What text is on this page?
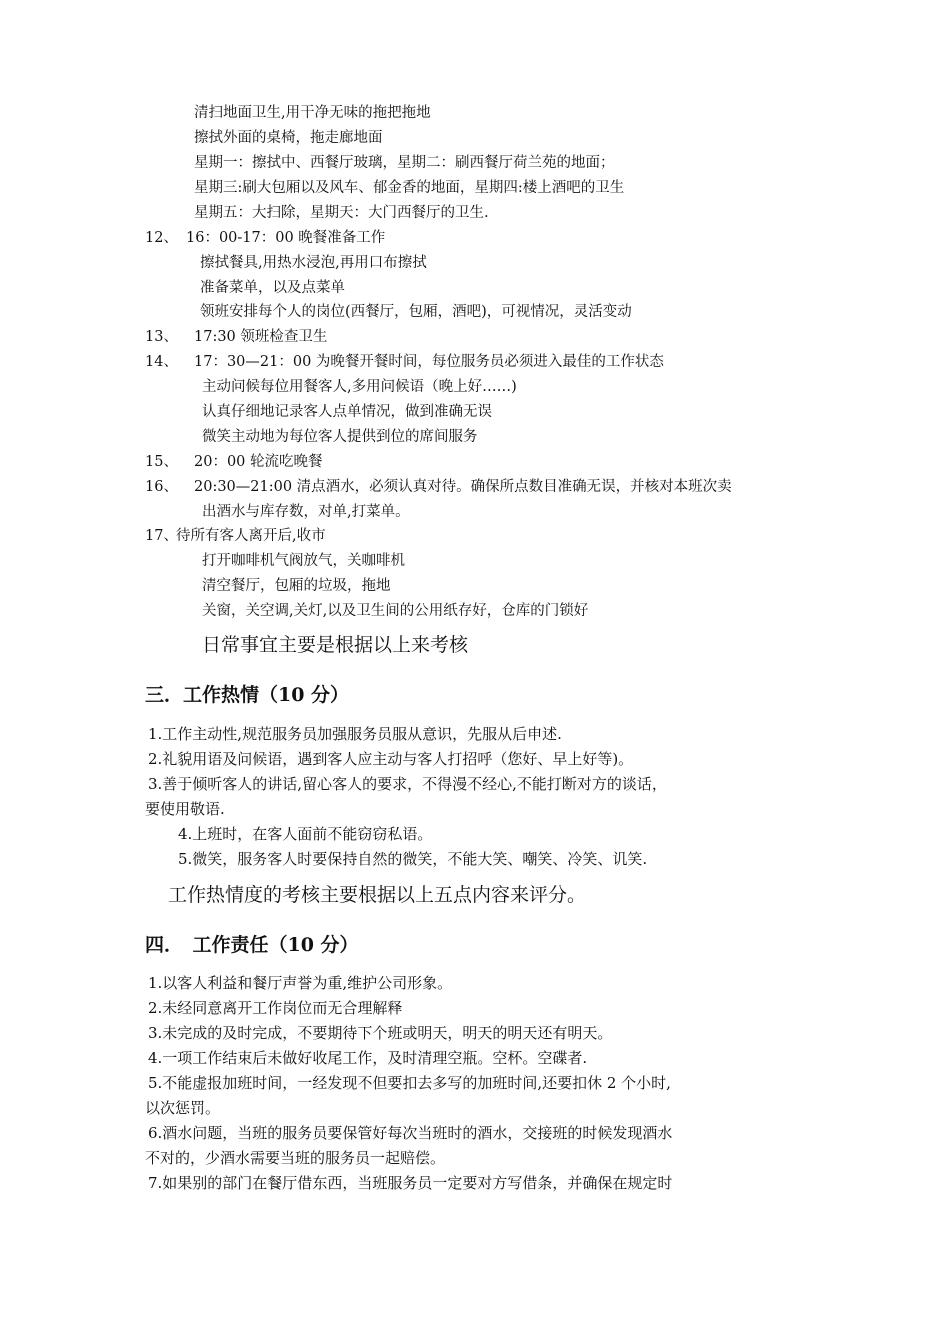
清扫地面卫生,用干净无味的拖把拖地
擦拭外面的桌椅，拖走廊地面
星期一：擦拭中、西餐厅玻璃，星期二：刷西餐厅荷兰苑的地面；
星期三:刷大包厢以及风车、郁金香的地面，星期四:楼上酒吧的卫生
星期五：大扫除，星期天：大门西餐厅的卫生.
12、 16：00-17：00 晚餐准备工作
擦拭餐具,用热水浸泡,再用口布擦拭
准备菜单，以及点菜单
领班安排每个人的岗位(西餐厅，包厢，酒吧)，可视情况，灵活变动
13、 17:30 领班检查卫生
14、 17：30—21：00 为晚餐开餐时间，每位服务员必须进入最佳的工作状态
主动问候每位用餐客人,多用问候语（晚上好……)
认真仔细地记录客人点单情况，做到准确无误
微笑主动地为每位客人提供到位的席间服务
15、 20：00 轮流吃晚餐
16、 20:30—21:00 清点酒水，必须认真对待。确保所点数目准确无误，并核对本班次卖
出酒水与库存数，对单,打菜单。
17、
待所有客人离开后,收市
打开咖啡机气阀放气，关咖啡机
清空餐厅，包厢的垃圾，拖地
关窗，关空调,关灯,以及卫生间的公用纸存好，仓库的门锁好
日常事宜主要是根据以上来考核
三．工作热情（10 分）
1.工作主动性,规范服务员加强服务员服从意识，先服从后申述.
2.礼貌用语及问候语，遇到客人应主动与客人打招呼（您好、早上好等)。
3.善于倾听客人的讲话,留心客人的要求，不得漫不经心,不能打断对方的谈话，
要使用敬语.
4.上班时，在客人面前不能窃窃私语。
5.微笑，服务客人时要保持自然的微笑，不能大笑、嘲笑、冷笑、讥笑.
工作热情度的考核主要根据以上五点内容来评分。
四．　工作责任（10 分）
1.以客人利益和餐厅声誉为重,维护公司形象。
2.未经同意离开工作岗位而无合理解释
3.未完成的及时完成，不要期待下个班或明天，明天的明天还有明天。
4.一项工作结束后未做好收尾工作，及时清理空瓶。空杯。空碟者.
5.不能虚报加班时间，一经发现不但要扣去多写的加班时间,还要扣休 2 个小时,
以次惩罚。
6.酒水问题，当班的服务员要保管好每次当班时的酒水，交接班的时候发现酒水
不对的，少酒水需要当班的服务员一起赔偿。
7.如果别的部门在餐厅借东西，当班服务员一定要对方写借条，并确保在规定时
